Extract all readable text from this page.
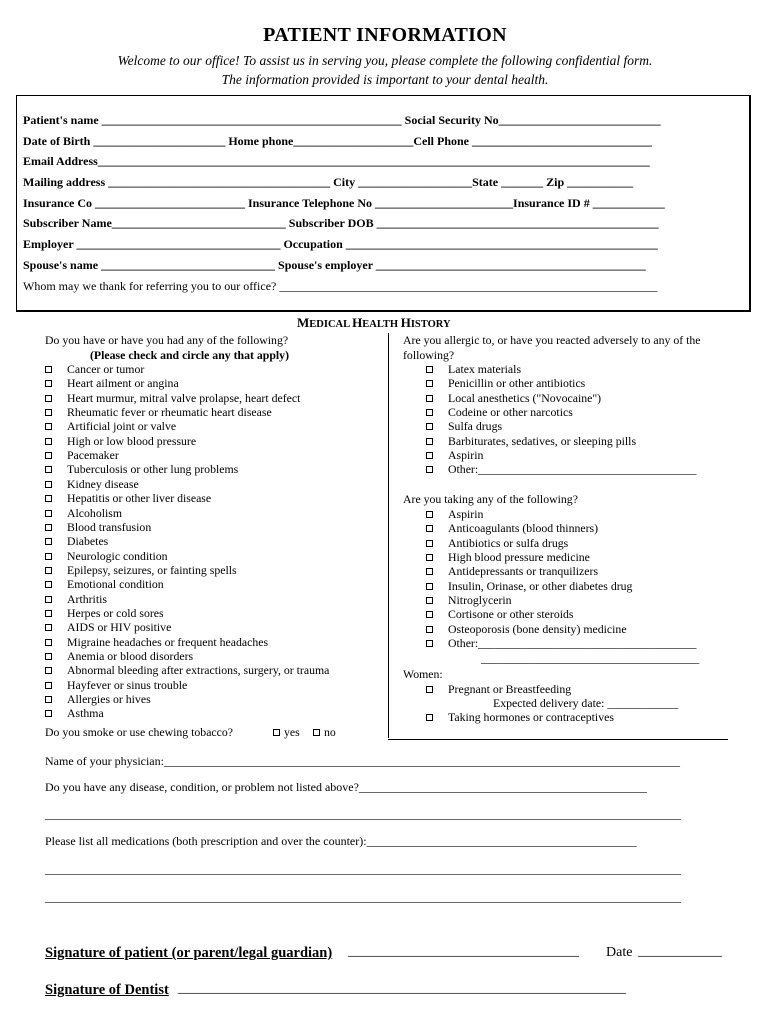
PATIENT INFORMATION
Welcome to our office! To assist us in serving you, please complete the following confidential form.
The information provided is important to your dental health.
Patient's name __________________________________________________ Social Security No___________________________
Date of Birth ______________________ Home phone____________________Cell Phone ______________________________
Email Address____________________________________________________________________________________________
Mailing address _____________________________________ City ___________________State _______ Zip ___________
Insurance Co _________________________ Insurance Telephone No _______________________Insurance ID # ____________
Subscriber Name_____________________________ Subscriber DOB _______________________________________________
Employer __________________________________ Occupation ____________________________________________________
Spouse's name _____________________________ Spouse's employer _____________________________________________
Whom may we thank for referring you to our office? _______________________________________________________________
MEDICAL HEALTH HISTORY
Do you have or have you had any of the following?
(Please check and circle any that apply)
Cancer or tumor
Heart ailment or angina
Heart murmur, mitral valve prolapse, heart defect
Rheumatic fever or rheumatic heart disease
Artificial joint or valve
High or low blood pressure
Pacemaker
Tuberculosis or other lung problems
Kidney disease
Hepatitis or other liver disease
Alcoholism
Blood transfusion
Diabetes
Neurologic condition
Epilepsy, seizures, or fainting spells
Emotional condition
Arthritis
Herpes or cold sores
AIDS or HIV positive
Migraine headaches or frequent headaches
Anemia or blood disorders
Abnormal bleeding after extractions, surgery, or trauma
Hayfever or sinus trouble
Allergies or hives
Asthma
Do you smoke or use chewing tobacco?	yes	no
Are you allergic to, or have you reacted adversely to any of the
following?
Latex materials
Penicillin or other antibiotics
Local anesthetics ("Novocaine")
Codeine or other narcotics
Sulfa drugs
Barbiturates, sedatives, or sleeping pills
Aspirin
Other:_____________________________________
Are you taking any of the following?
Aspirin
Anticoagulants (blood thinners)
Antibiotics or sulfa drugs
High blood pressure medicine
Antidepressants or tranquilizers
Insulin, Orinase, or other diabetes drug
Nitroglycerin
Cortisone or other steroids
Osteoporosis (bone density) medicine
Other:_____________________________________
_____________________________________
Women:
Pregnant or Breastfeeding
Expected delivery date: ____________
Taking hormones or contraceptives
Name of your physician:______________________________________________________________________________________
Do you have any disease, condition, or problem not listed above?________________________________________________
__________________________________________________________________________________________________________
Please list all medications (both prescription and over the counter):_____________________________________________
__________________________________________________________________________________________________________
__________________________________________________________________________________________________________
Signature of patient (or parent/legal guardian) _________________________________ Date ____________
Signature of Dentist ________________________________________________________________
